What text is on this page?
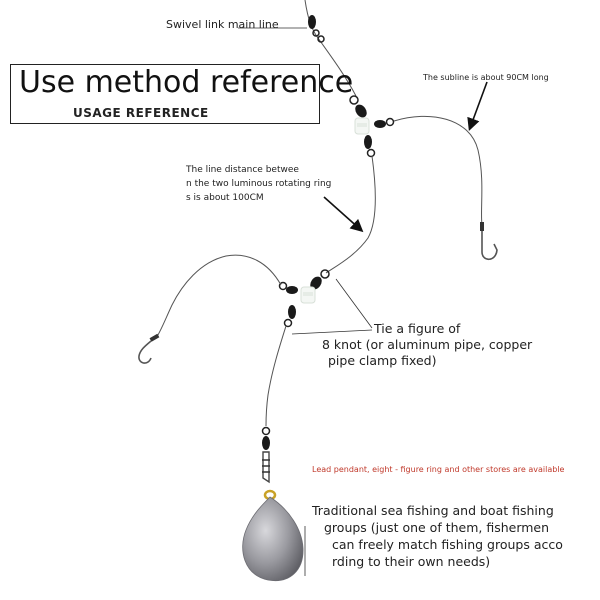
Use method reference
USAGE REFERENCE
Swivel link main line
The subline is about 90CM long
The line distance betwee
n the two luminous rotating ring
s is about 100CM
Tie a figure of
8 knot (or aluminum pipe, copper
pipe clamp fixed)
Lead pendant, eight - figure ring and other stores are available
Traditional sea fishing and boat fishing
groups (just one of them, fishermen
can freely match fishing groups acco
rding to their own needs)
